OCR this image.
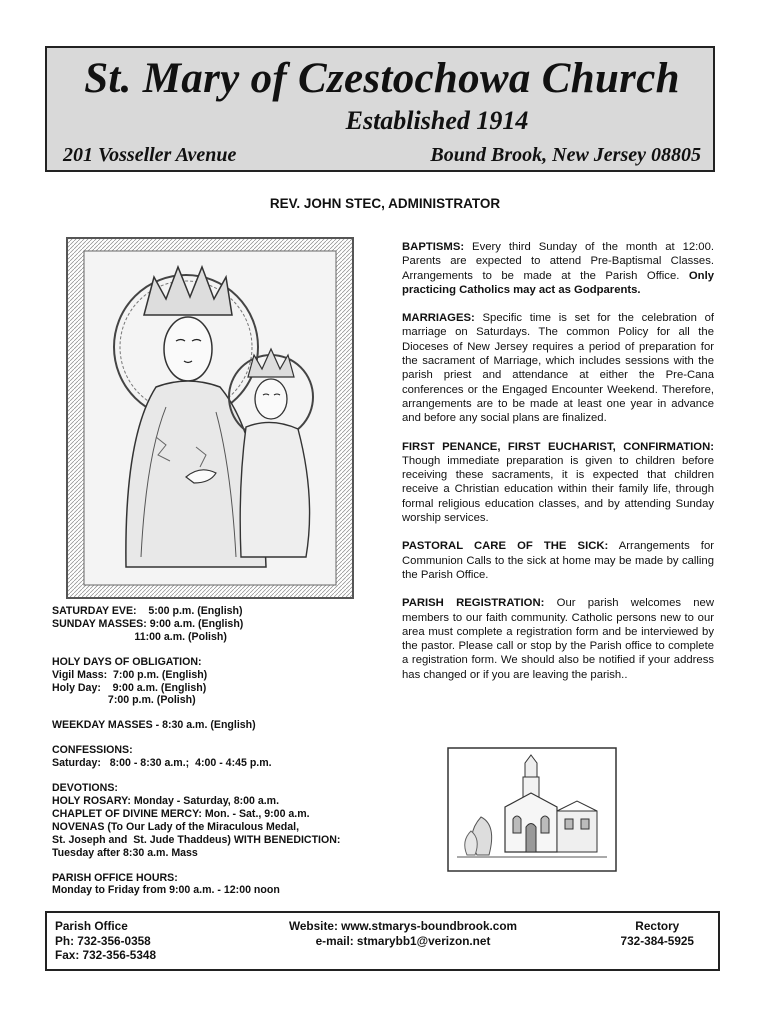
St. Mary of Czestochowa Church
Established 1914
201 Vosseller Avenue	Bound Brook, New Jersey 08805
REV. JOHN STEC, ADMINISTRATOR

BAPTISMS: Every third Sunday of the month at 12:00. Parents are expected to attend Pre-Baptismal Classes. Arrangements to be made at the Parish Office. Only practicing Catholics may act as Godparents.

MARRIAGES: Specific time is set for the celebration of marriage on Saturdays. The common Policy for all the Dioceses of New Jersey requires a period of preparation for the sacrament of Marriage, which includes sessions with the parish priest and attendance at either the Pre-Cana conferences or the Engaged Encounter Weekend. Therefore, arrangements are to be made at least one year in advance and before any social plans are finalized.

FIRST PENANCE, FIRST EUCHARIST, CONFIRMATION: Though immediate preparation is given to children before receiving these sacraments, it is expected that children receive a Christian education within their family life, through formal religious education classes, and by attending Sunday worship services.

PASTORAL CARE OF THE SICK: Arrangements for Communion Calls to the sick at home may be made by calling the Parish Office.

PARISH REGISTRATION: Our parish welcomes new members to our faith community. Catholic persons new to our area must complete a registration form and be interviewed by the pastor. Please call or stop by the Parish office to complete a registration form. We should also be notified if your address has changed or if you are leaving the parish..

SATURDAY EVE:    5:00 p.m. (English)
SUNDAY MASSES: 9:00 a.m. (English)
11:00 a.m. (Polish)
HOLY DAYS OF OBLIGATION:
Vigil Mass:  7:00 p.m. (English)
Holy Day:    9:00 a.m. (English)
7:00 p.m. (Polish)
WEEKDAY MASSES - 8:30 a.m. (English)
CONFESSIONS:
Saturday:   8:00 - 8:30 a.m.;  4:00 - 4:45 p.m.
DEVOTIONS:
HOLY ROSARY: Monday - Saturday, 8:00 a.m.
CHAPLET OF DIVINE MERCY: Mon. - Sat., 9:00 a.m.
NOVENAS (To Our Lady of the Miraculous Medal,
St. Joseph and  St. Jude Thaddeus) WITH BENEDICTION:
Tuesday after 8:30 a.m. Mass
PARISH OFFICE HOURS:
Monday to Friday from 9:00 a.m. - 12:00 noon
Parish Office
Ph: 732-356-0358
Fax: 732-356-5348
Website: www.stmarys-boundbrook.com
e-mail: stmarybb1@verizon.net
Rectory
732-384-5925
